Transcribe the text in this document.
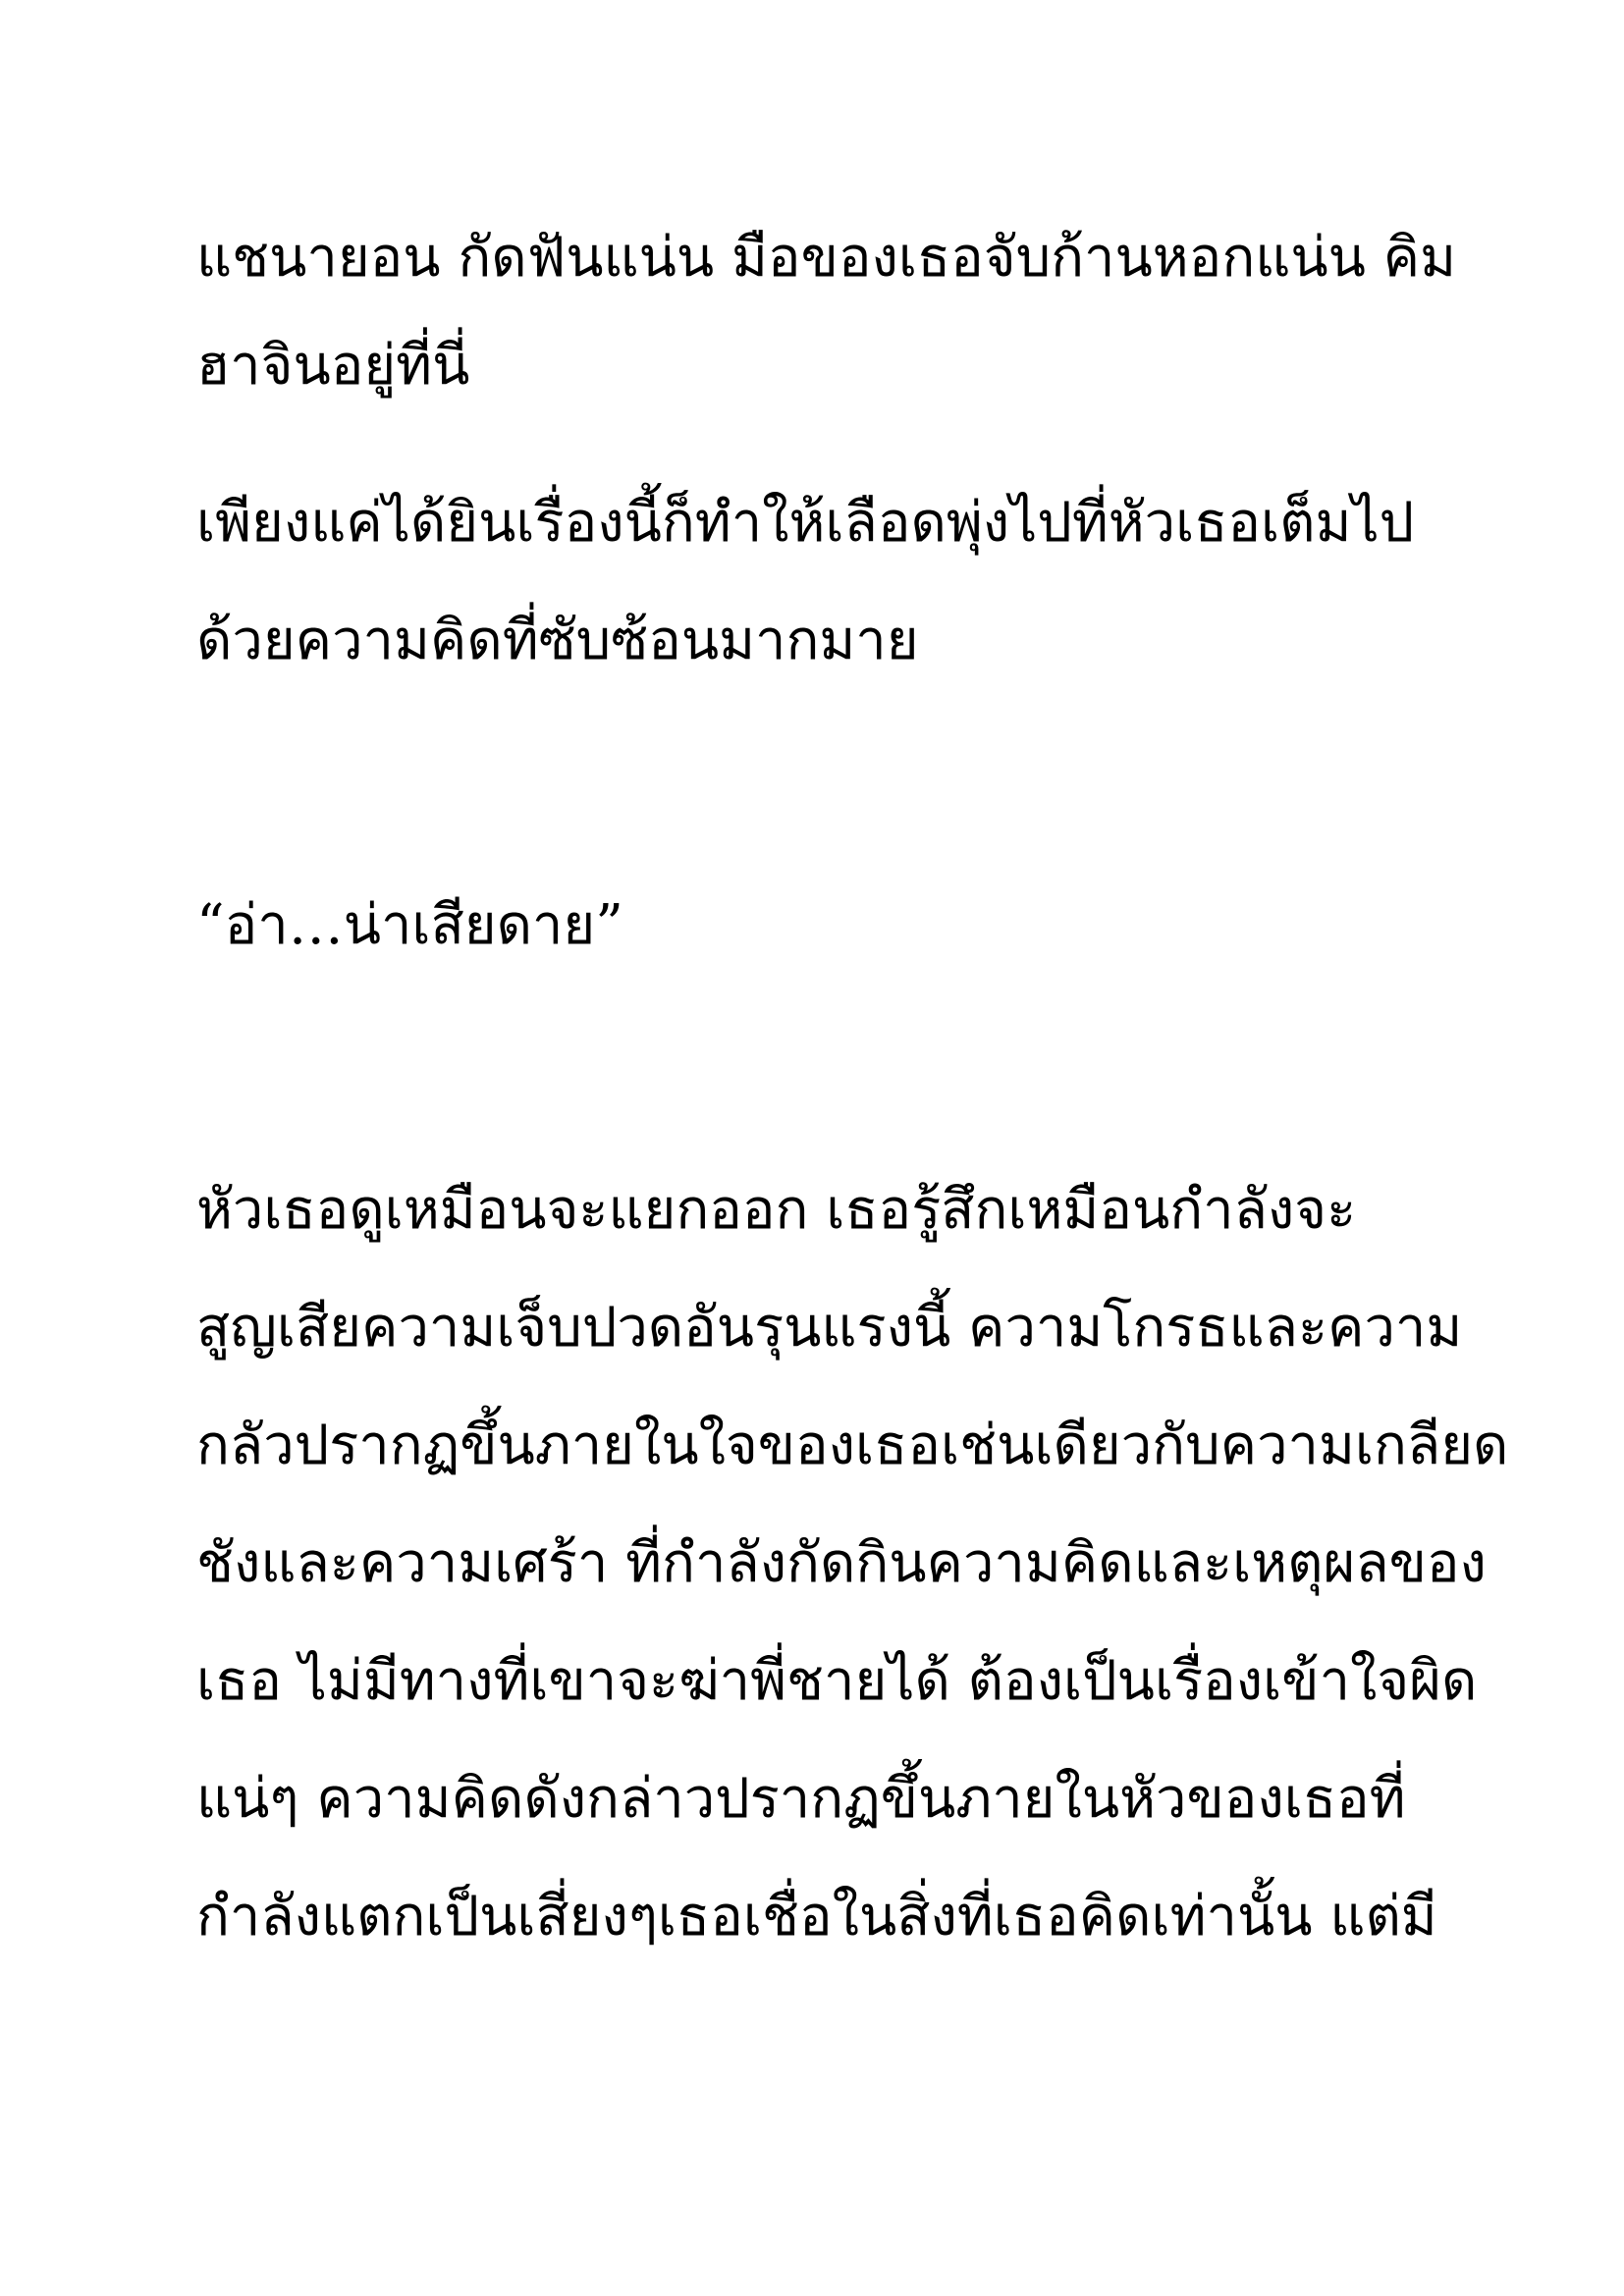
แชนายอน กัดฟันแน่น มือของเธอจับก้านหอกแน่น คิม
ฮาจินอยู่ที่นี่
เพียงแค่ได้ยินเรื่องนี้ก็ทำให้เลือดพุ่งไปที่หัวเธอเต็มไป
ด้วยความคิดที่ซับซ้อนมากมาย
“อ่า…น่าเสียดาย”
หัวเธอดูเหมือนจะแยกออก เธอรู้สึกเหมือนกำลังจะ
สูญเสียความเจ็บปวดอันรุนแรงนี้ ความโกรธและความ
กลัวปรากฏขึ้นภายในใจของเธอเช่นเดียวกับความเกลียด
ชังและความเศร้า ที่กำลังกัดกินความคิดและเหตุผลของ
เธอ ไม่มีทางที่เขาจะฆ่าพี่ชายได้ ต้องเป็นเรื่องเข้าใจผิด
แน่ๆ ความคิดดังกล่าวปรากฏขึ้นภายในหัวของเธอที่
กำลังแตกเป็นเสี่ยงๆเธอเชื่อในสิ่งที่เธอคิดเท่านั้น แต่มี
